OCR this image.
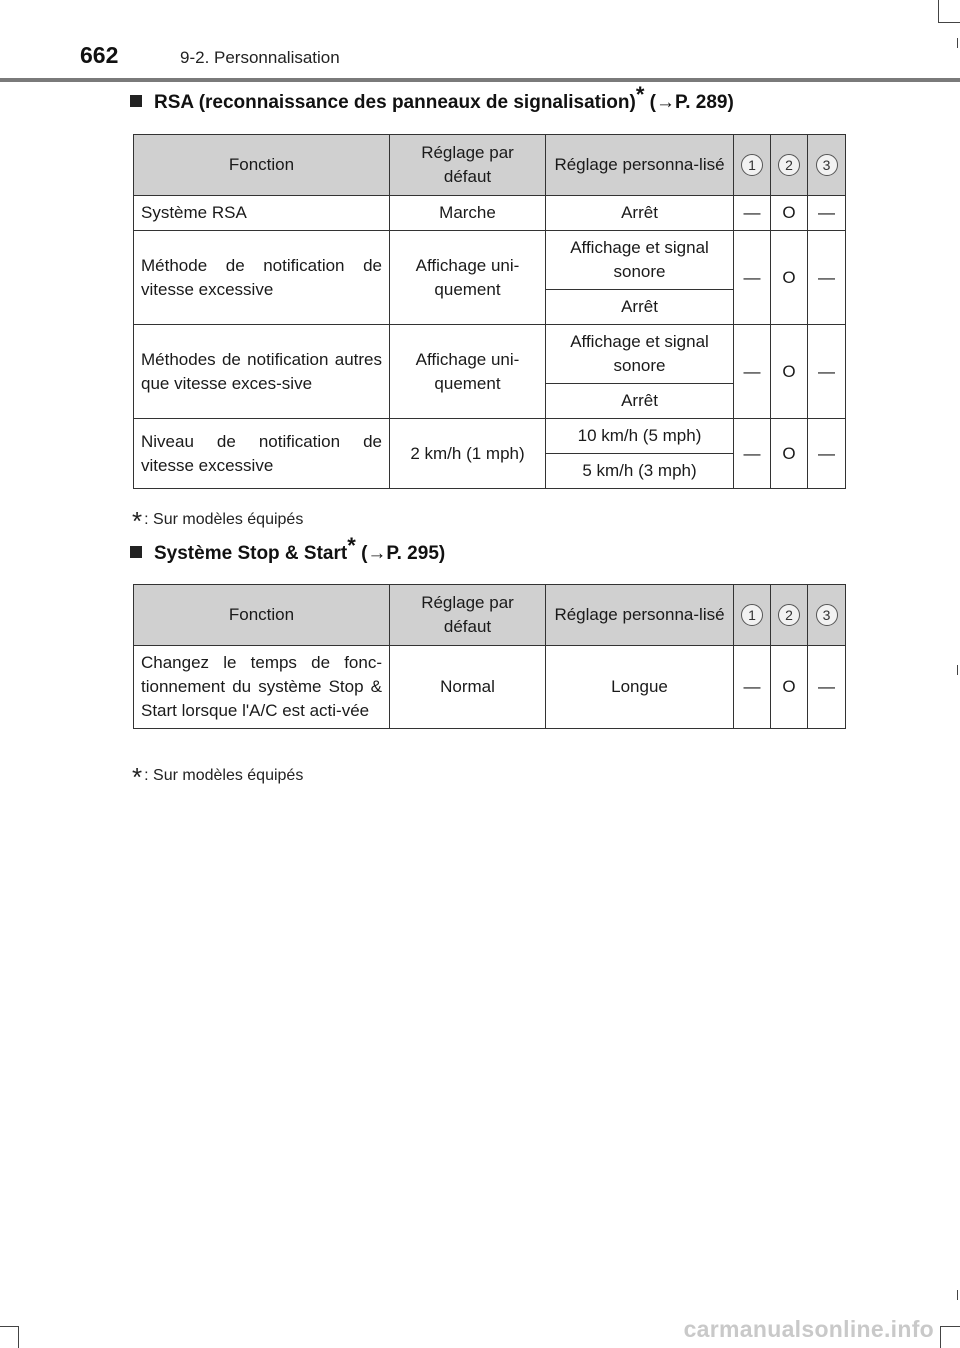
662	9-2. Personnalisation
RSA (reconnaissance des panneaux de signalisation)* (→P. 289)
Fonction	Réglage par défaut	Réglage personna-lisé	1	2	3
Système RSA	Marche	Arrêt	—	O	—
Méthode de notification de vitesse excessive	Affichage uni-quement	Affichage et signal sonore	—	O	—
		Arrêt			
Méthodes de notification autres que vitesse exces-sive	Affichage uni-quement	Affichage et signal sonore	—	O	—
		Arrêt			
Niveau de notification de vitesse excessive	2 km/h (1 mph)	10 km/h (5 mph)	—	O	—
		5 km/h (3 mph)			
* : Sur modèles équipés
Système Stop & Start* (→P. 295)
Fonction	Réglage par défaut	Réglage personna-lisé	1	2	3
Changez le temps de fonc-tionnement du système Stop & Start lorsque l'A/C est acti-vée	Normal	Longue	—	O	—
* : Sur modèles équipés
carmanualsonline.info
